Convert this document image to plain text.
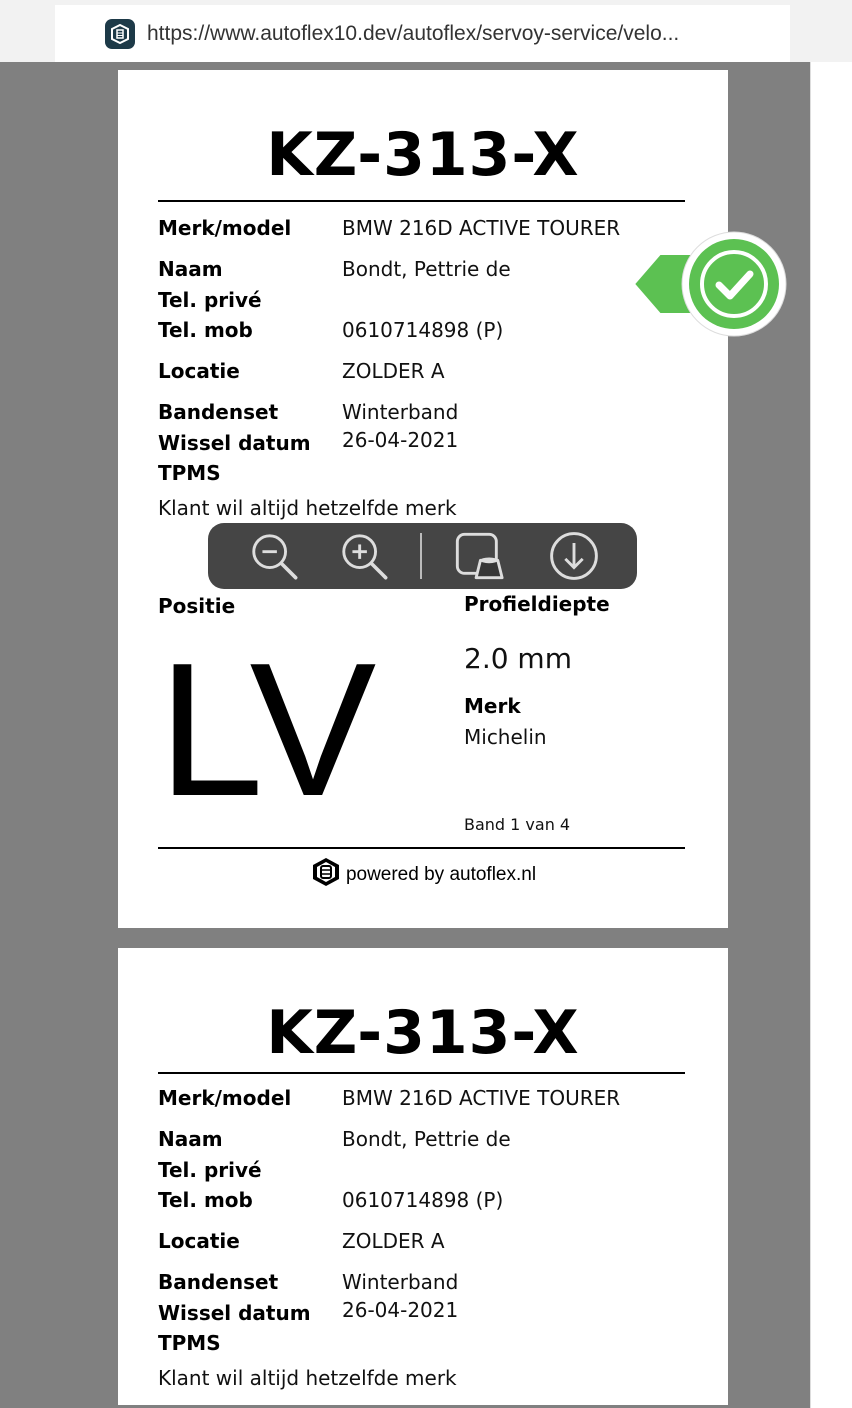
https://www.autoflex10.dev/autoflex/servoy-service/velo...
KZ-313-X
Merk/model	BMW 216D ACTIVE TOURER
Naam	Bondt, Pettrie de
Tel. privé
Tel. mob	0610714898 (P)
Locatie	ZOLDER A
Bandenset	Winterband
Wissel datum 26-04-2021
TPMS
Klant wil altijd hetzelfde merk
Positie
LV
Profieldiepte
2.0 mm
Merk
Michelin
Band 1 van 4
powered by autoflex.nl
KZ-313-X
Merk/model	BMW 216D ACTIVE TOURER
Naam	Bondt, Pettrie de
Tel. privé
Tel. mob	0610714898 (P)
Locatie	ZOLDER A
Bandenset	Winterband
Wissel datum 26-04-2021
TPMS
Klant wil altijd hetzelfde merk
